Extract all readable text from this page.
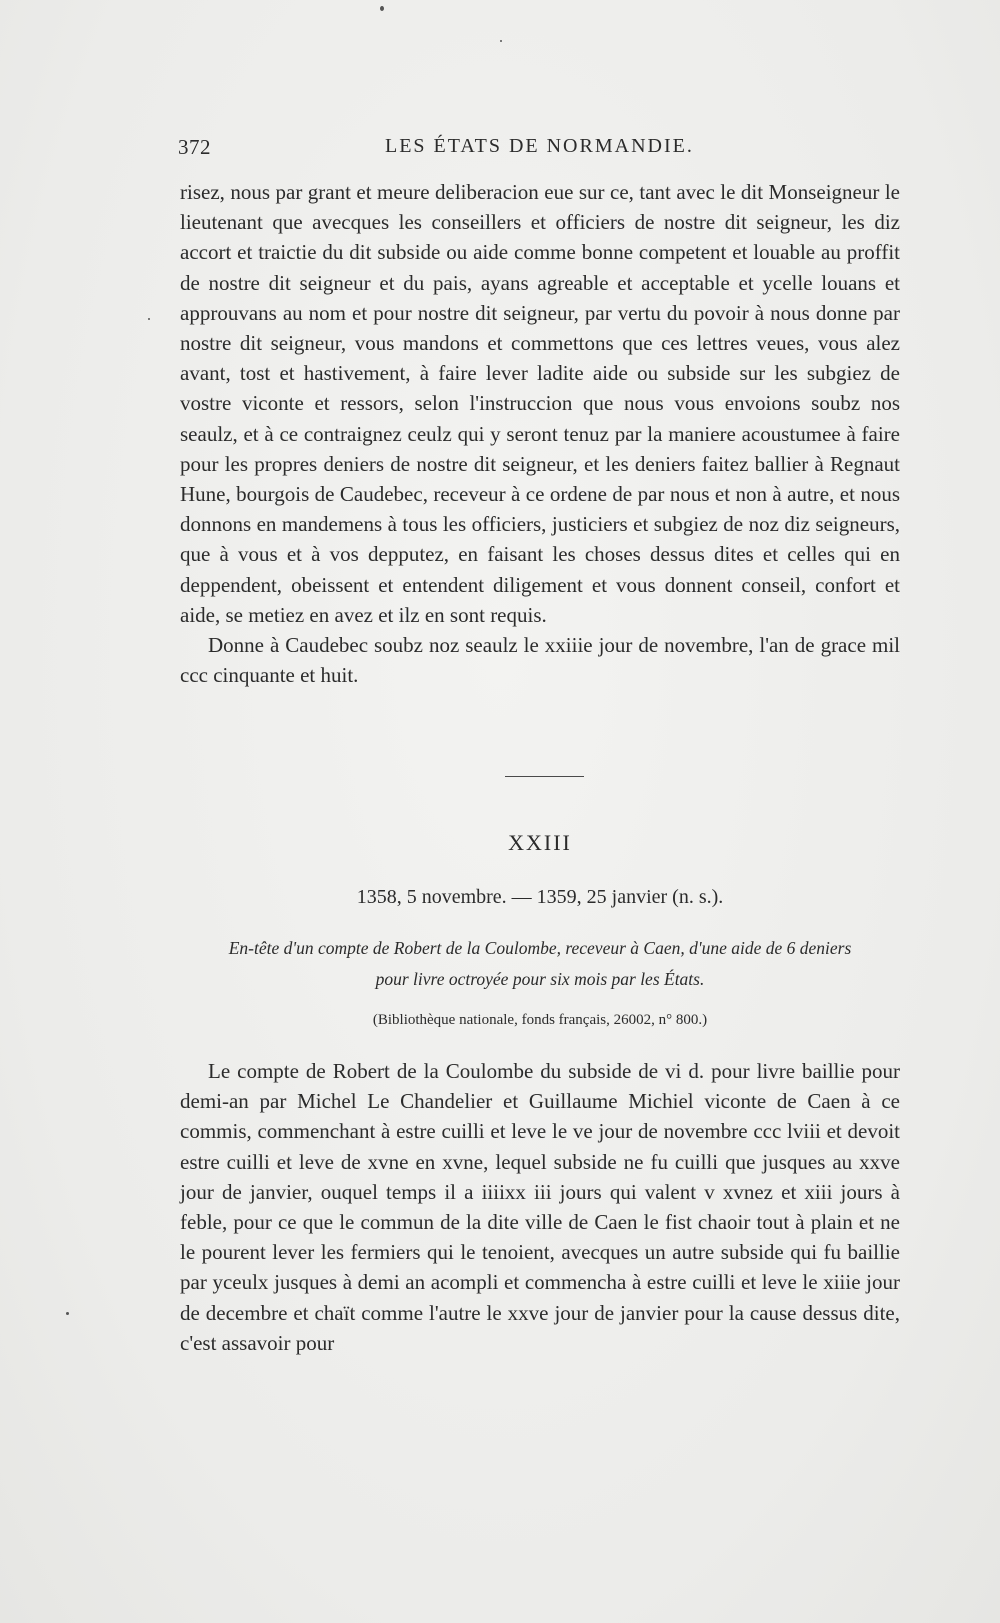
372	LES ÉTATS DE NORMANDIE.

risez, nous par grant et meure deliberacion eue sur ce, tant avec le dit Monseigneur le lieutenant que avecques les conseillers et officiers de nostre dit seigneur, les diz accort et traictie du dit subside ou aide comme bonne competent et louable au proffit de nostre dit seigneur et du pais, ayans agreable et acceptable et ycelle louans et approuvans au nom et pour nostre dit seigneur, par vertu du povoir à nous donne par nostre dit seigneur, vous mandons et commettons que ces lettres veues, vous alez avant, tost et hastivement, à faire lever ladite aide ou subside sur les subgiez de vostre viconte et ressors, selon l'instruccion que nous vous envoions soubz nos seaulz, et à ce contraignez ceulz qui y seront tenuz par la maniere acoustumee à faire pour les propres deniers de nostre dit seigneur, et les deniers faitez ballier à Regnaut Hune, bourgois de Caudebec, receveur à ce ordene de par nous et non à autre, et nous donnons en mandemens à tous les officiers, justiciers et subgiez de noz diz seigneurs, que à vous et à vos depputez, en faisant les choses dessus dites et celles qui en deppendent, obeissent et entendent diligement et vous donnent conseil, confort et aide, se metiez en avez et ilz en sont requis.

Donne à Caudebec soubz noz seaulz le xxiiie jour de novembre, l'an de grace mil ccc cinquante et huit.

XXIII
1358, 5 novembre. — 1359, 25 janvier (n. s.).
En-tête d'un compte de Robert de la Coulombe, receveur à Caen, d'une aide de 6 deniers
pour livre octroyée pour six mois par les États.
(Bibliothèque nationale, fonds français, 26002, n° 800.)

Le compte de Robert de la Coulombe du subside de vi d. pour livre baillie pour demi-an par Michel Le Chandelier et Guillaume Michiel viconte de Caen à ce commis, commenchant à estre cuilli et leve le ve jour de novembre ccc lviii et devoit estre cuilli et leve de xvne en xvne, lequel subside ne fu cuilli que jusques au xxve jour de janvier, ouquel temps il a iiiixx iii jours qui valent v xvnez et xiii jours à feble, pour ce que le commun de la dite ville de Caen le fist chaoir tout à plain et ne le pourent lever les fermiers qui le tenoient, avecques un autre subside qui fu baillie par yceulx jusques à demi an acompli et commencha à estre cuilli et leve le xiiie jour de decembre et chaït comme l'autre le xxve jour de janvier pour la cause dessus dite, c'est assavoir pour
